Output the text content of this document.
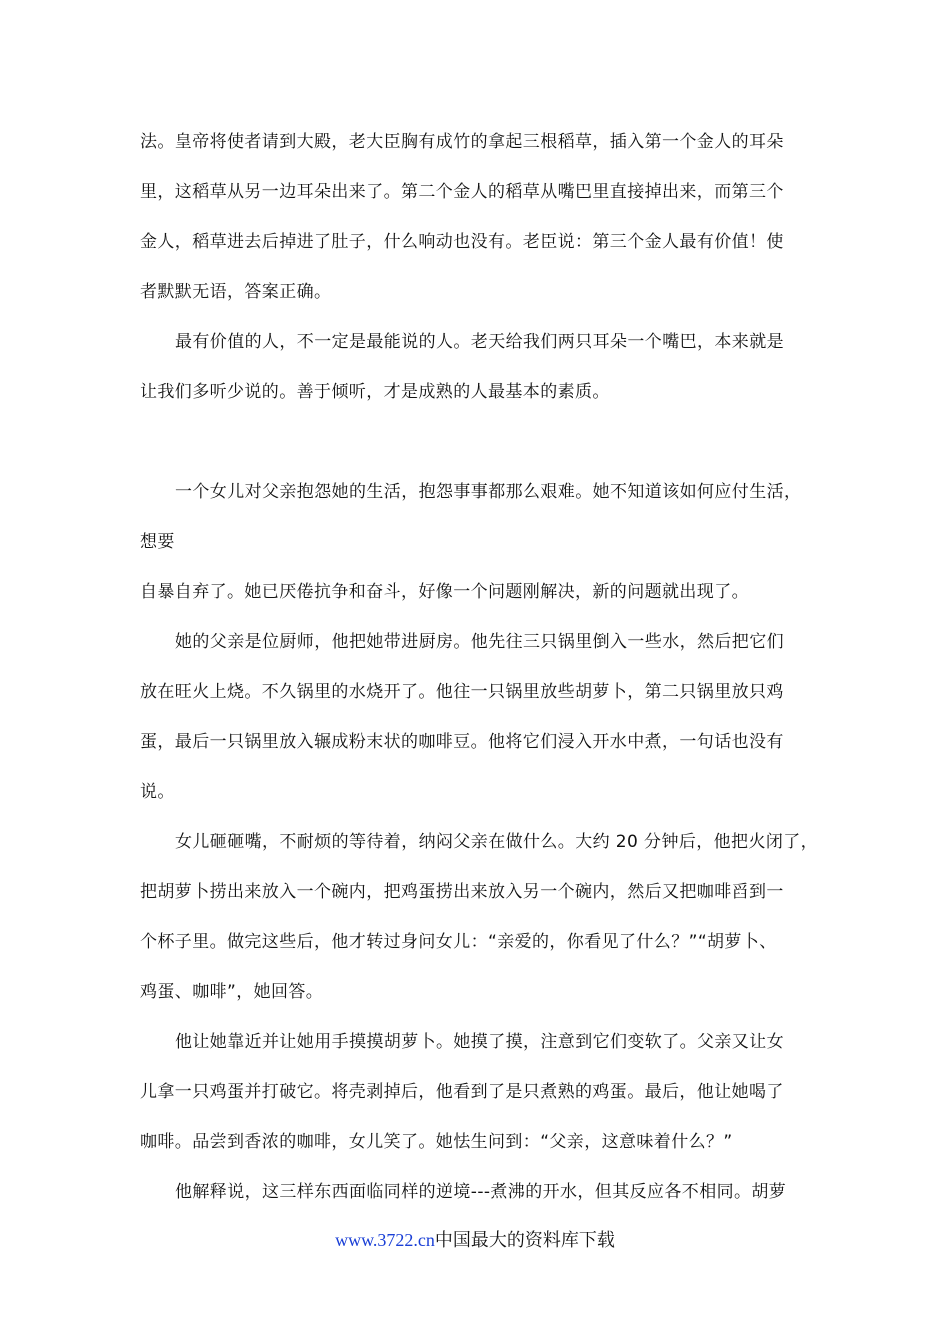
法。皇帝将使者请到大殿，老大臣胸有成竹的拿起三根稻草，插入第一个金人的耳朵
里，这稻草从另一边耳朵出来了。第二个金人的稻草从嘴巴里直接掉出来，而第三个
金人，稻草进去后掉进了肚子，什么响动也没有。老臣说：第三个金人最有价值！使
者默默无语，答案正确。
最有价值的人，不一定是最能说的人。老天给我们两只耳朵一个嘴巴，本来就是
让我们多听少说的。善于倾听，才是成熟的人最基本的素质。
一个女儿对父亲抱怨她的生活，抱怨事事都那么艰难。她不知道该如何应付生活，
想要
自暴自弃了。她已厌倦抗争和奋斗，好像一个问题刚解决，新的问题就出现了。
她的父亲是位厨师，他把她带进厨房。他先往三只锅里倒入一些水，然后把它们
放在旺火上烧。不久锅里的水烧开了。他往一只锅里放些胡萝卜，第二只锅里放只鸡
蛋，最后一只锅里放入辗成粉末状的咖啡豆。他将它们浸入开水中煮，一句话也没有
说。
女儿砸砸嘴，不耐烦的等待着，纳闷父亲在做什么。大约 20 分钟后，他把火闭了，
把胡萝卜捞出来放入一个碗内，把鸡蛋捞出来放入另一个碗内，然后又把咖啡舀到一
个杯子里。做完这些后，他才转过身问女儿：“亲爱的，你看见了什么？”“胡萝卜、
鸡蛋、咖啡”，她回答。
他让她靠近并让她用手摸摸胡萝卜。她摸了摸，注意到它们变软了。父亲又让女
儿拿一只鸡蛋并打破它。将壳剥掉后，他看到了是只煮熟的鸡蛋。最后，他让她喝了
咖啡。品尝到香浓的咖啡，女儿笑了。她怯生问到：“父亲，这意味着什么？”
他解释说，这三样东西面临同样的逆境---煮沸的开水，但其反应各不相同。胡萝
www.3722.cn中国最大的资料库下载
